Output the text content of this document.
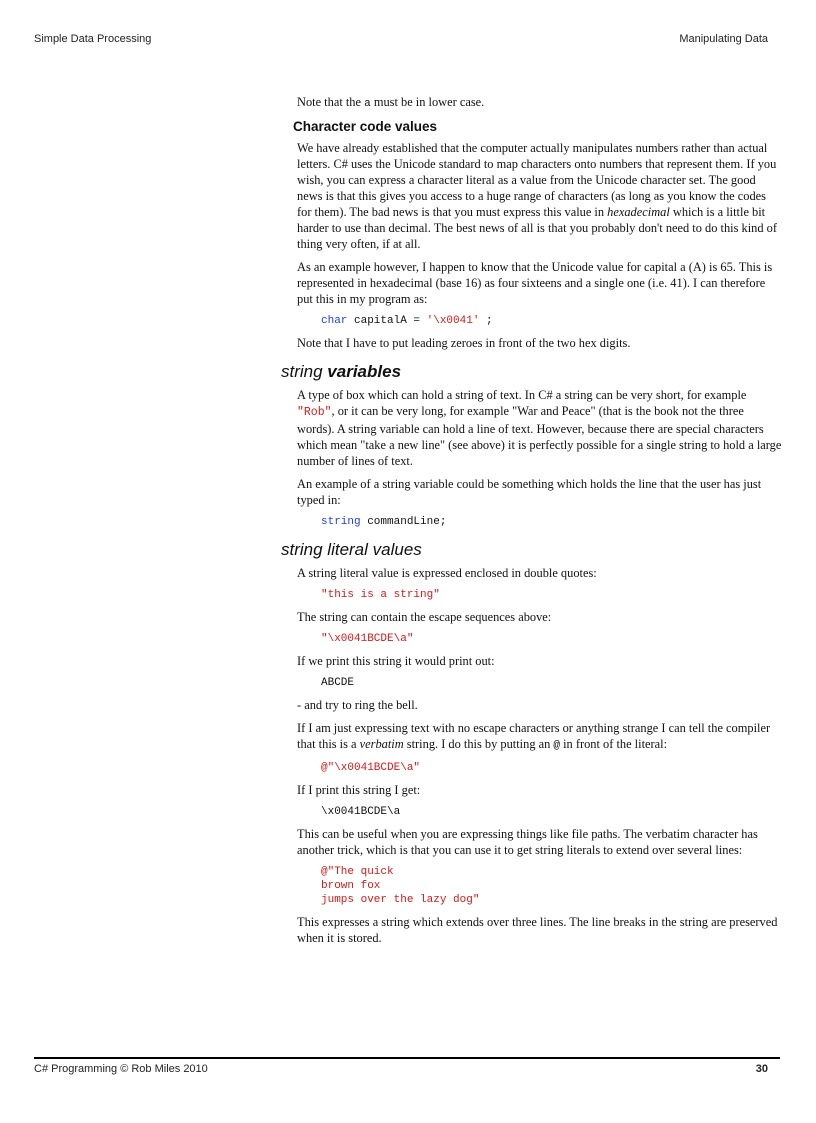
Simple Data Processing	Manipulating Data

Note that the a must be in lower case.

Character code values

We have already established that the computer actually manipulates numbers rather than actual letters. C# uses the Unicode standard to map characters onto numbers that represent them. If you wish, you can express a character literal as a value from the Unicode character set. The good news is that this gives you access to a huge range of characters (as long as you know the codes for them). The bad news is that you must express this value in hexadecimal which is a little bit harder to use than decimal. The best news of all is that you probably don't need to do this kind of thing very often, if at all.

As an example however, I happen to know that the Unicode value for capital a (A) is 65. This is represented in hexadecimal (base 16) as four sixteens and a single one (i.e. 41). I can therefore put this in my program as:

char capitalA = '\x0041' ;

Note that I have to put leading zeroes in front of the two hex digits.

string variables

A type of box which can hold a string of text. In C# a string can be very short, for example "Rob", or it can be very long, for example "War and Peace" (that is the book not the three words). A string variable can hold a line of text. However, because there are special characters which mean "take a new line" (see above) it is perfectly possible for a single string to hold a large number of lines of text.

An example of a string variable could be something which holds the line that the user has just typed in:

string commandLine;
string literal values

A string literal value is expressed enclosed in double quotes:

"this is a string"

The string can contain the escape sequences above:

"\x0041BCDE\a"

If we print this string it would print out:

ABCDE

- and try to ring the bell.

If I am just expressing text with no escape characters or anything strange I can tell the compiler that this is a verbatim string. I do this by putting an @ in front of the literal:

@"\x0041BCDE\a"

If I print this string I get:

\x0041BCDE\a

This can be useful when you are expressing things like file paths. The verbatim character has another trick, which is that you can use it to get string literals to extend over several lines:

@"The quick
brown fox
jumps over the lazy dog"

This expresses a string which extends over three lines. The line breaks in the string are preserved when it is stored.

C# Programming © Rob Miles 2010	30
